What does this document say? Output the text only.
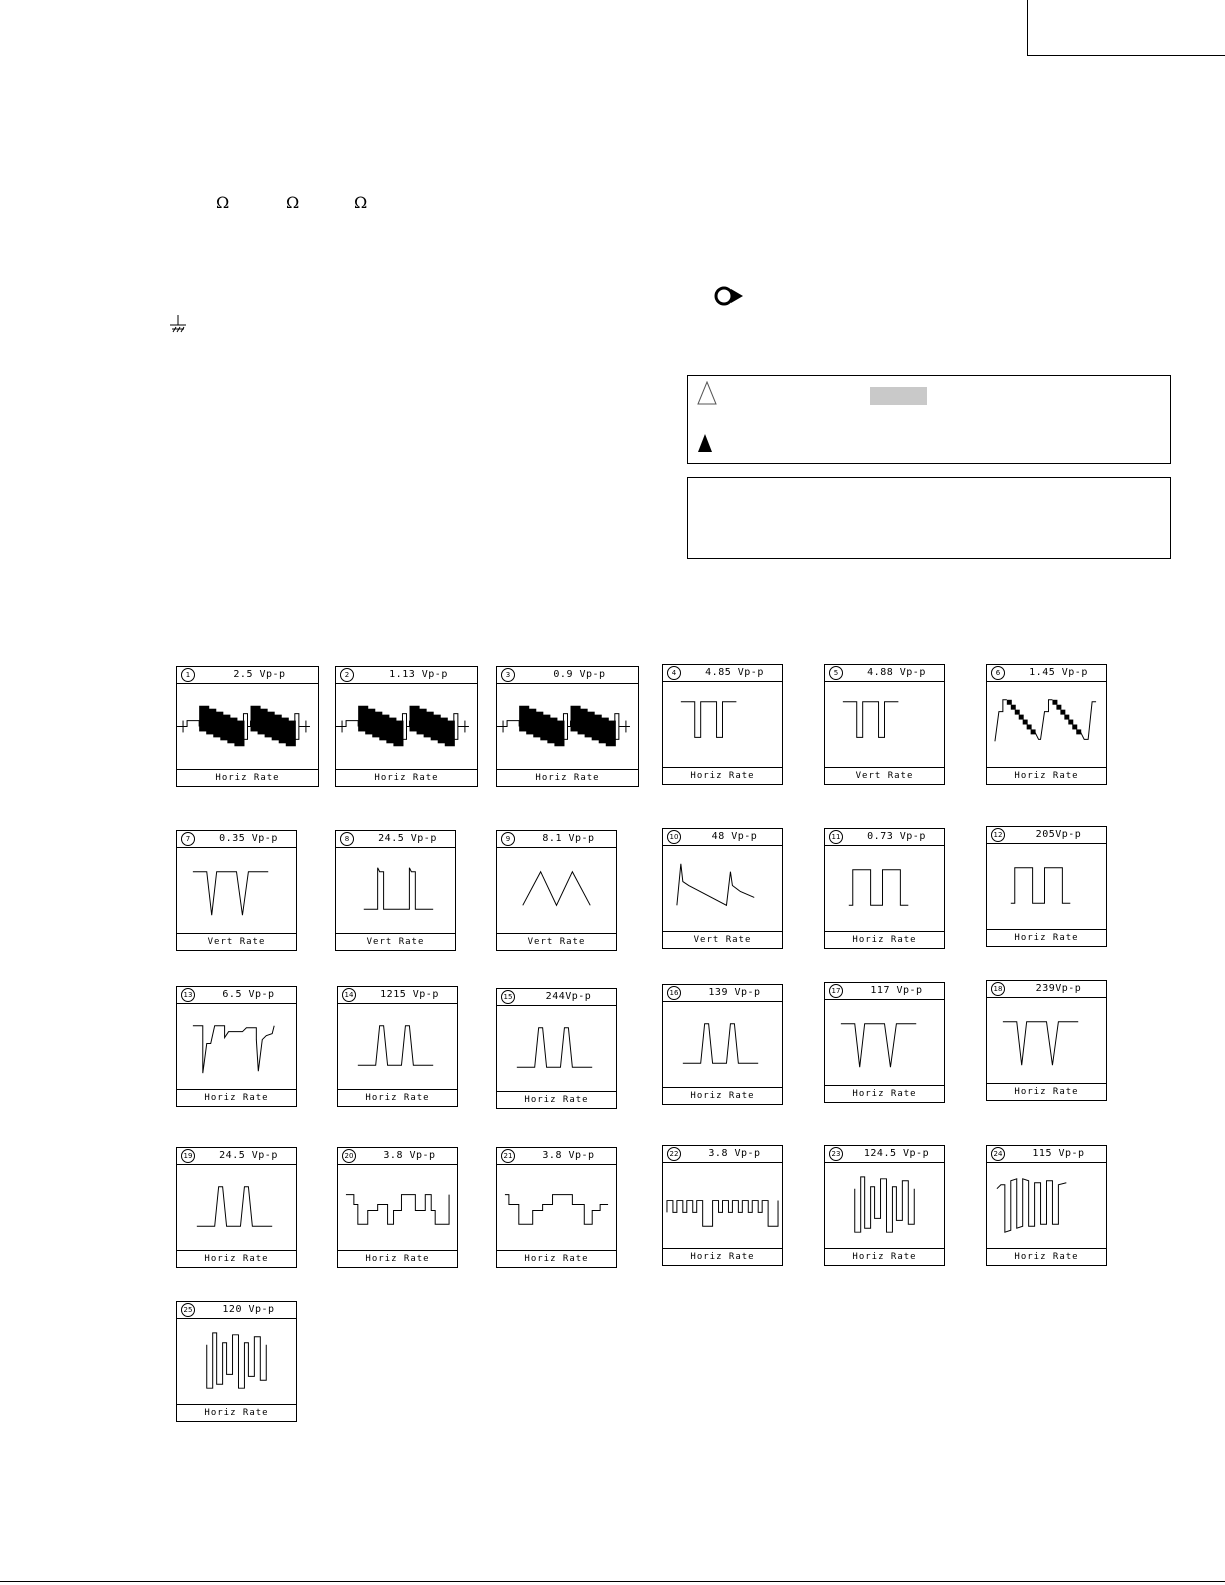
Ω	Ω	Ω
1	2.5 Vp-p
Horiz Rate
2	1.13 Vp-p
Horiz Rate
3	0.9 Vp-p
Horiz Rate
4	4.85 Vp-p
Horiz Rate
5	4.88 Vp-p
Vert Rate
6	1.45 Vp-p
Horiz Rate
7	0.35 Vp-p
Vert Rate
8	24.5 Vp-p
Vert Rate
9	8.1 Vp-p
Vert Rate
10	48 Vp-p
Vert Rate
11	0.73 Vp-p
Horiz Rate
12	205Vp-p
Horiz Rate
13	6.5 Vp-p
Horiz Rate
14	1215 Vp-p
Horiz Rate
15	244Vp-p
Horiz Rate
16	139 Vp-p
Horiz Rate
17	117 Vp-p
Horiz Rate
18	239Vp-p
Horiz Rate
19	24.5 Vp-p
Horiz Rate
20	3.8 Vp-p
Horiz Rate
21	3.8 Vp-p
Horiz Rate
22	3.8 Vp-p
Horiz Rate
23	124.5 Vp-p
Horiz Rate
24	115 Vp-p
Horiz Rate
25	120 Vp-p
Horiz Rate
